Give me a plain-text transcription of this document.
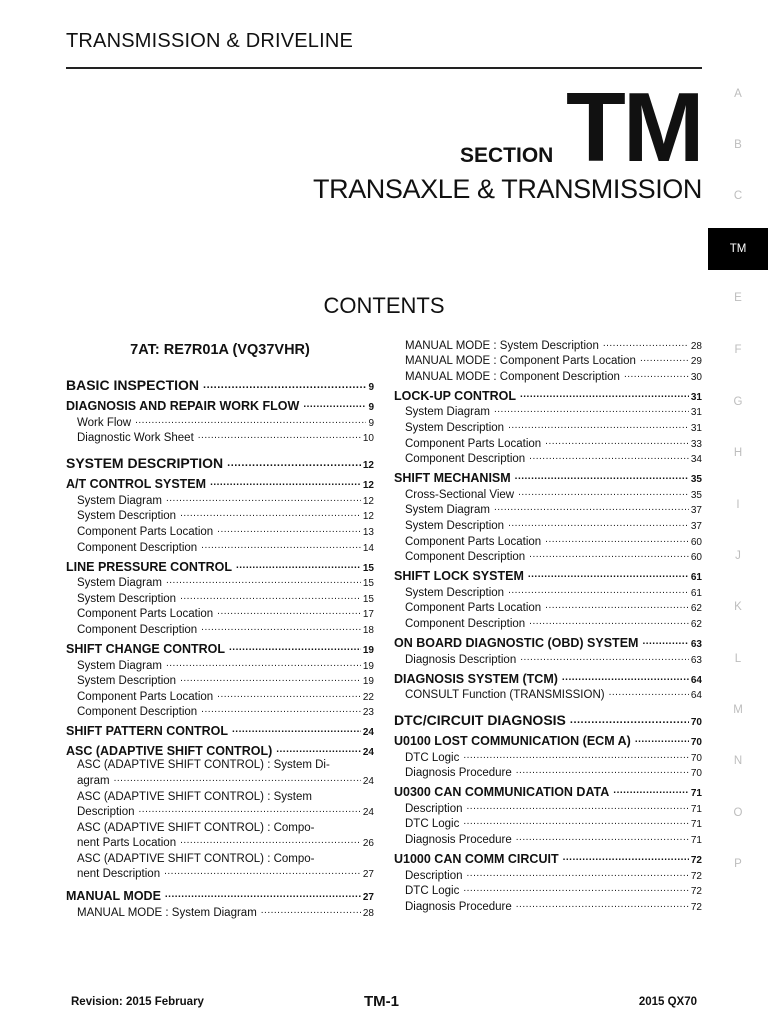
TRANSMISSION & DRIVELINE
SECTION TM
TRANSAXLE & TRANSMISSION
CONTENTS
A
B
C
TM
E
F
G
H
I
J
K
L
M
N
O
P
7AT: RE7R01A (VQ37VHR)
BASIC INSPECTION .....	9
DIAGNOSIS AND REPAIR WORK FLOW .....	9
Work Flow .....	9
Diagnostic Work Sheet .....	10
SYSTEM DESCRIPTION .....	12
A/T CONTROL SYSTEM .....	12
System Diagram .....	12
System Description .....	12
Component Parts Location .....	13
Component Description .....	14
LINE PRESSURE CONTROL .....	15
System Diagram .....	15
System Description .....	15
Component Parts Location .....	17
Component Description .....	18
SHIFT CHANGE CONTROL .....	19
System Diagram .....	19
System Description .....	19
Component Parts Location .....	22
Component Description .....	23
SHIFT PATTERN CONTROL .....	24
ASC (ADAPTIVE SHIFT CONTROL) .....	24
ASC (ADAPTIVE SHIFT CONTROL) : System Di-
agram .....	24
ASC (ADAPTIVE SHIFT CONTROL) : System
Description .....	24
ASC (ADAPTIVE SHIFT CONTROL) : Compo-
nent Parts Location .....	26
ASC (ADAPTIVE SHIFT CONTROL) : Compo-
nent Description .....	27
MANUAL MODE .....	27
MANUAL MODE : System Diagram .....	28
MANUAL MODE : System Description .....	28
MANUAL MODE : Component Parts Location .....	29
MANUAL MODE : Component Description .....	30
LOCK-UP CONTROL .....	31
System Diagram .....	31
System Description .....	31
Component Parts Location .....	33
Component Description .....	34
SHIFT MECHANISM .....	35
Cross-Sectional View .....	35
System Diagram .....	37
System Description .....	37
Component Parts Location .....	60
Component Description .....	60
SHIFT LOCK SYSTEM .....	61
System Description .....	61
Component Parts Location .....	62
Component Description .....	62
ON BOARD DIAGNOSTIC (OBD) SYSTEM .....	63
Diagnosis Description .....	63
DIAGNOSIS SYSTEM (TCM) .....	64
CONSULT Function (TRANSMISSION) .....	64
DTC/CIRCUIT DIAGNOSIS .....	70
U0100 LOST COMMUNICATION (ECM A) .....	70
DTC Logic .....	70
Diagnosis Procedure .....	70
U0300 CAN COMMUNICATION DATA .....	71
Description .....	71
DTC Logic .....	71
Diagnosis Procedure .....	71
U1000 CAN COMM CIRCUIT .....	72
Description .....	72
DTC Logic .....	72
Diagnosis Procedure .....	72
Revision: 2015 February	TM-1	2015 QX70
